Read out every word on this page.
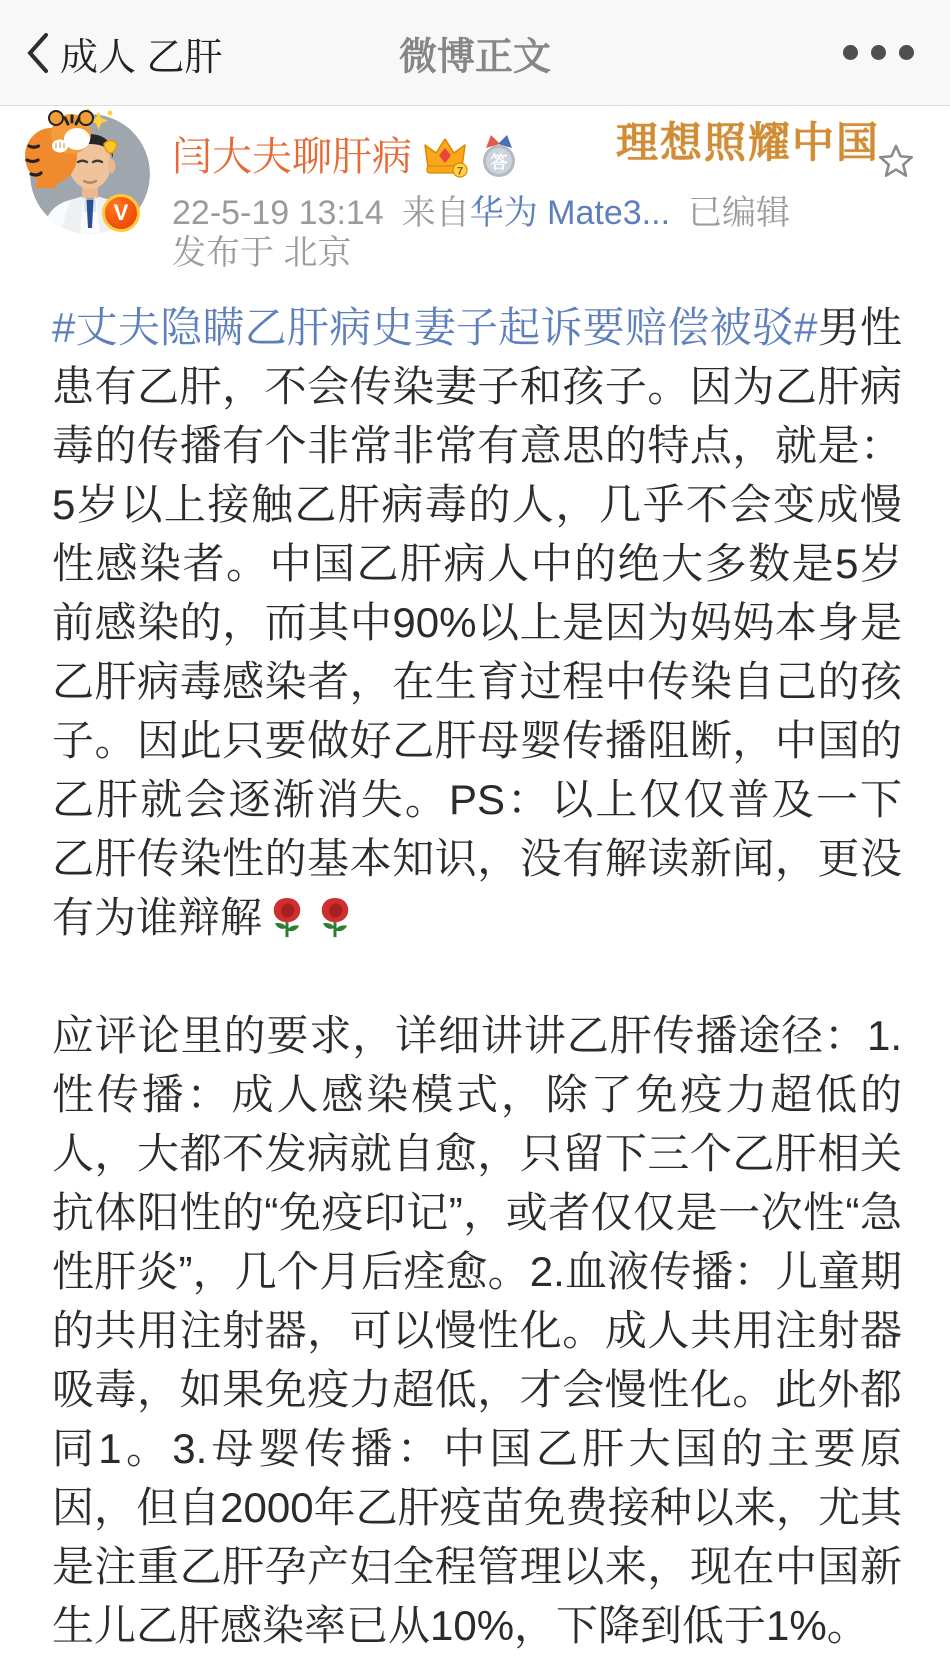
成人 乙肝	微博正文
V
闫大夫聊肝病	7 答
22-5-19 13:14 来自华为 Mate3... 已编辑
发布于 北京
理想照耀中国

#丈夫隐瞒乙肝病史妻子起诉要赔偿被驳#男性患有乙肝，不会传染妻子和孩子。因为乙肝病毒的传播有个非常非常有意思的特点，就是：5岁以上接触乙肝病毒的人，几乎不会变成慢性感染者。中国乙肝病人中的绝大多数是5岁前感染的，而其中90%以上是因为妈妈本身是乙肝病毒感染者，在生育过程中传染自己的孩子。因此只要做好乙肝母婴传播阻断，中国的乙肝就会逐渐消失。PS：以上仅仅普及一下乙肝传染性的基本知识，没有解读新闻，更没有为谁辩解

应评论里的要求，详细讲讲乙肝传播途径：1.性传播：成人感染模式，除了免疫力超低的人，大都不发病就自愈，只留下三个乙肝相关抗体阳性的“免疫印记”，或者仅仅是一次性“急性肝炎”，几个月后痊愈。2.血液传播：儿童期的共用注射器，可以慢性化。成人共用注射器吸毒，如果免疫力超低，才会慢性化。此外都同1。3.母婴传播：中国乙肝大国的主要原因，但自2000年乙肝疫苗免费接种以来，尤其是注重乙肝孕产妇全程管理以来，现在中国新生儿乙肝感染率已从10%，下降到低于1%。
